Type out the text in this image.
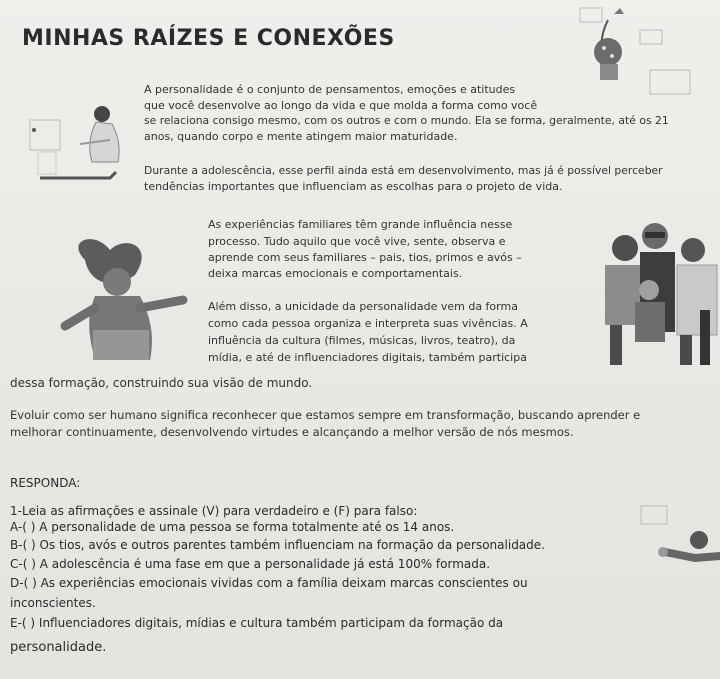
MINHAS RAÍZES E CONEXÕES
A personalidade é o conjunto de pensamentos, emoções e atitudes
que você desenvolve ao longo da vida e que molda a forma como você
se relaciona consigo mesmo, com os outros e com o mundo. Ela se forma, geralmente, até os 21
anos, quando corpo e mente atingem maior maturidade.
Durante a adolescência, esse perfil ainda está em desenvolvimento, mas já é possível perceber
tendências importantes que influenciam as escolhas para o projeto de vida.
As experiências familiares têm grande influência nesse
processo. Tudo aquilo que você vive, sente, observa e
aprende com seus familiares – pais, tios, primos e avós –
deixa marcas emocionais e comportamentais.
Além disso, a unicidade da personalidade vem da forma
como cada pessoa organiza e interpreta suas vivências. A
influência da cultura (filmes, músicas, livros, teatro), da
mídia, e até de influenciadores digitais, também participa
dessa formação, construindo sua visão de mundo.
Evoluir como ser humano significa reconhecer que estamos sempre em transformação, buscando aprender e
melhorar continuamente, desenvolvendo virtudes e alcançando a melhor versão de nós mesmos.
RESPONDA:
1-Leia as afirmações e assinale (V) para verdadeiro e (F) para falso:
A-( ) A personalidade de uma pessoa se forma totalmente até os 14 anos.
B-( ) Os tios, avós e outros parentes também influenciam na formação da personalidade.
C-( ) A adolescência é uma fase em que a personalidade já está 100% formada.
D-( ) As experiências emocionais vividas com a família deixam marcas conscientes ou
inconscientes.
E-( ) Influenciadores digitais, mídias e cultura também participam da formação da
personalidade.
